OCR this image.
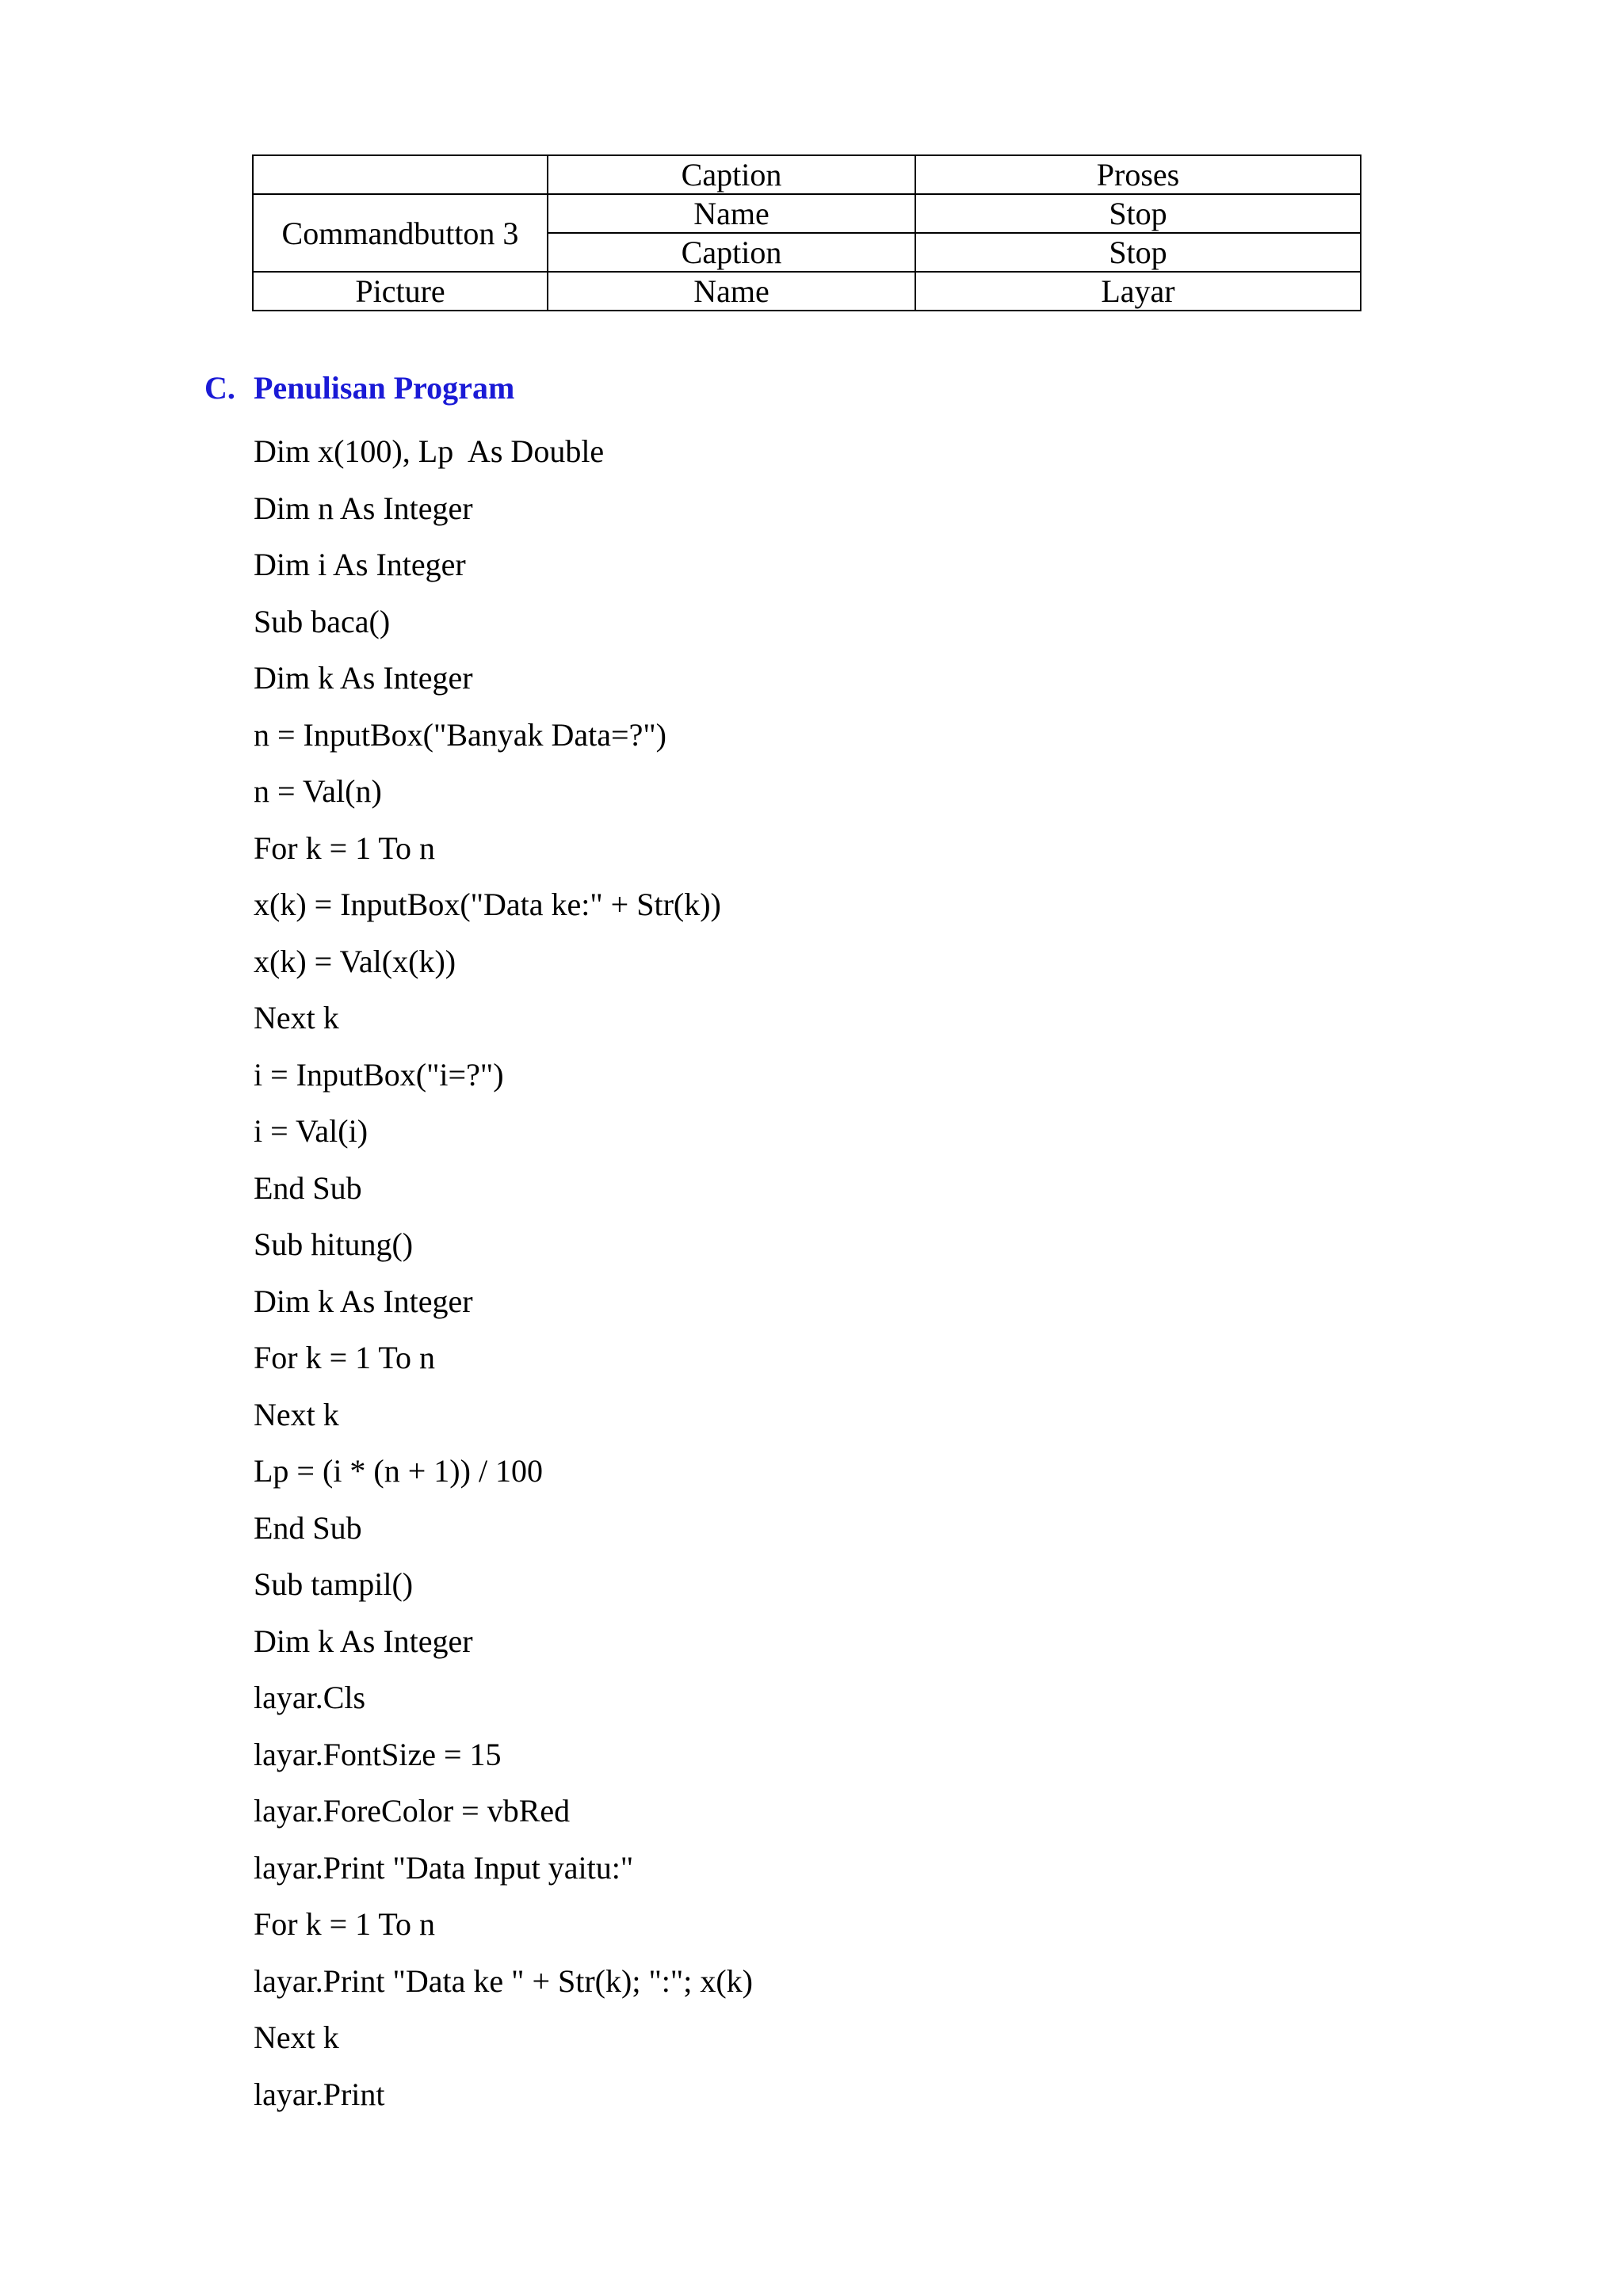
	Caption	Proses
Commandbutton 3	Name	Stop
	Caption	Stop
Picture	Name	Layar
C. Penulisan Program
Dim x(100), Lp  As Double
Dim n As Integer
Dim i As Integer
Sub baca()
Dim k As Integer
n = InputBox("Banyak Data=?")
n = Val(n)
For k = 1 To n
x(k) = InputBox("Data ke:" + Str(k))
x(k) = Val(x(k))
Next k
i = InputBox("i=?")
i = Val(i)
End Sub
Sub hitung()
Dim k As Integer
For k = 1 To n
Next k
Lp = (i * (n + 1)) / 100
End Sub
Sub tampil()
Dim k As Integer
layar.Cls
layar.FontSize = 15
layar.ForeColor = vbRed
layar.Print "Data Input yaitu:"
For k = 1 To n
layar.Print "Data ke " + Str(k); ":"; x(k)
Next k
layar.Print
